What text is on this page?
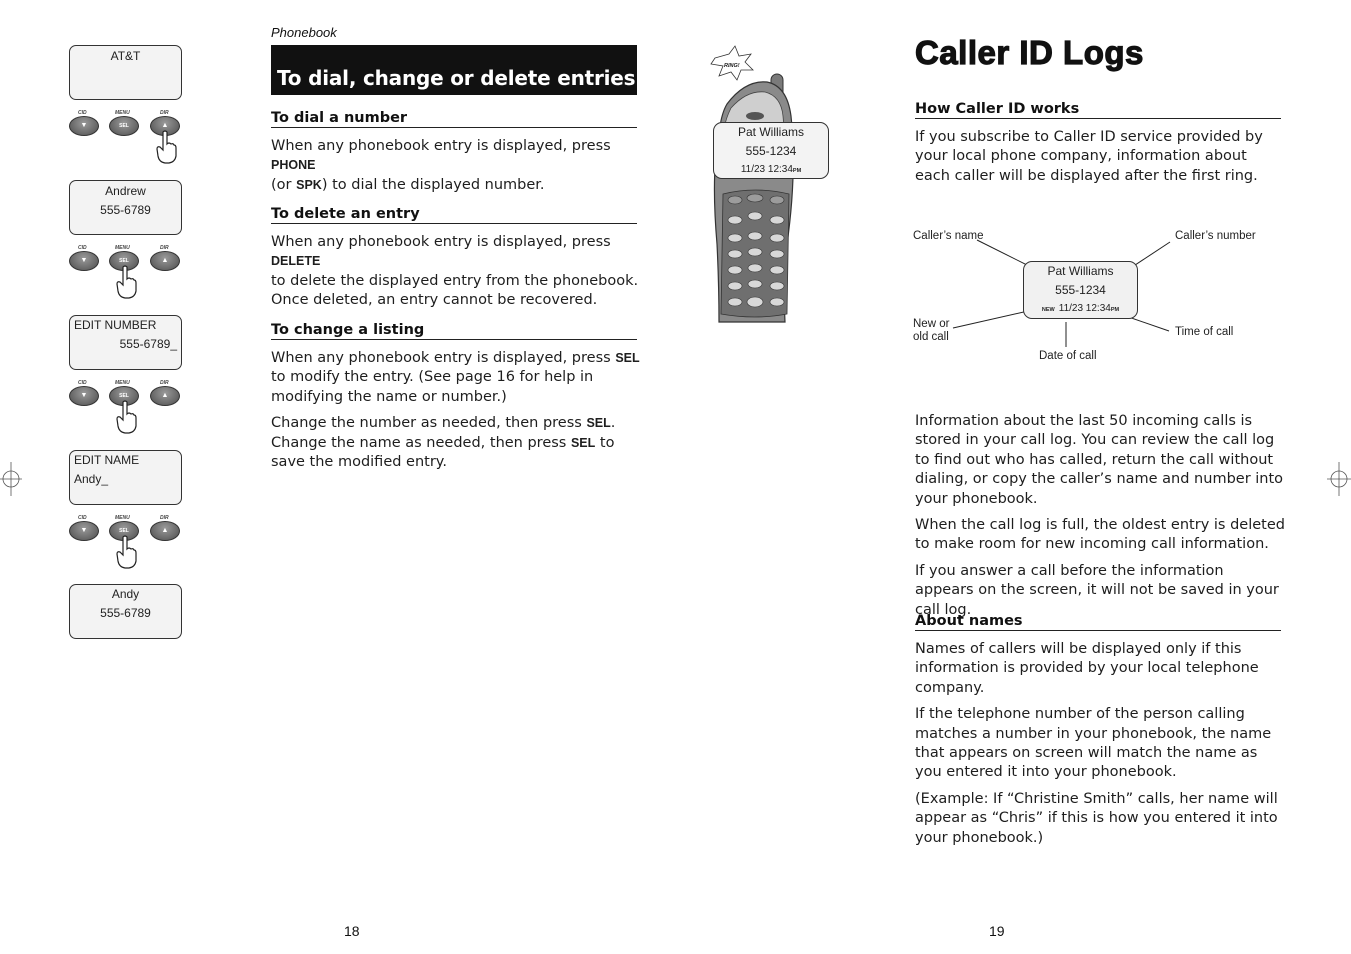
AT&T
CID	MENU	DIR
▼	SEL	▲
Andrew
555-6789
CID	MENU	DIR
▼	SEL	▲
EDIT NUMBER
555-6789_
CID	MENU	DIR
▼	SEL	▲
EDIT NAME
Andy_
CID	MENU	DIR
▼	SEL	▲
Andy
555-6789
Phonebook
To dial, change or delete entries
To dial a number

When any phonebook entry is displayed, press PHONE
(or SPK) to dial the displayed number.

To delete an entry

When any phonebook entry is displayed, press DELETE
to delete the displayed entry from the phonebook. Once deleted, an entry cannot be recovered.

To change a listing

When any phonebook entry is displayed, press SEL to modify the entry. (See page 16 for help in modifying the name or number.)

Change the number as needed, then press SEL. Change the name as needed, then press SEL to save the modified entry.

18
RING!
Pat Williams
555-1234
11/23 12:34PM
Caller ID Logs
How Caller ID works

If you subscribe to Caller ID service provided by your local phone company, information about each caller will be displayed after the first ring.

Caller’s name	Caller’s number
New or
old call	Time of call
Date of call
Pat Williams
555-1234
NEW 11/23 12:34PM

Information about the last 50 incoming calls is stored in your call log. You can review the call log to find out who has called, return the call without dialing, or copy the caller’s name and number into your phonebook.

When the call log is full, the oldest entry is deleted to make room for new incoming call information.

If you answer a call before the information appears on the screen, it will not be saved in your call log.

About names

Names of callers will be displayed only if this information is provided by your local telephone company.

If the telephone number of the person calling matches a number in your phonebook, the name that appears on screen will match the name as you entered it into your phonebook.

(Example: If “Christine Smith” calls, her name will appear as “Chris” if this is how you entered it into your phonebook.)

19
